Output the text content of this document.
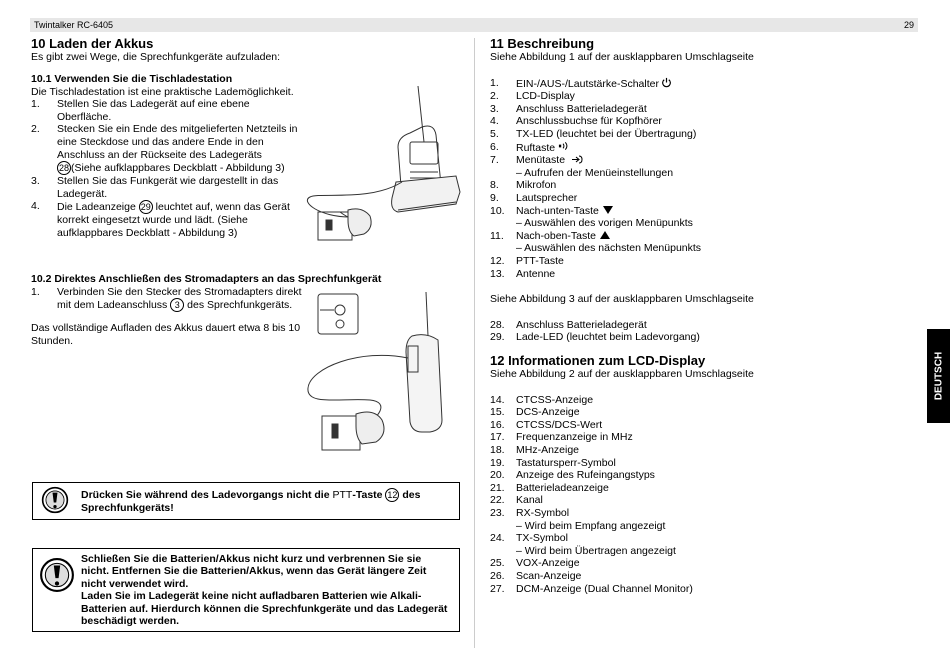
Twintalker RC-6405	29
DEUTSCH
10 Laden der Akkus
Es gibt zwei Wege, die Sprechfunkgeräte aufzuladen:
10.1 Verwenden Sie die Tischladestation
Die Tischladestation ist eine praktische Lademöglichkeit.
1. Stellen Sie das Ladegerät auf eine ebene
Oberfläche.
2. Stecken Sie ein Ende des mitgelieferten Netzteils in
eine Steckdose und das andere Ende in den
Anschluss an der Rückseite des Ladegeräts
28 (Siehe aufklappbares Deckblatt - Abbildung 3)
3. Stellen Sie das Funkgerät wie dargestellt in das
Ladegerät.
4. Die Ladeanzeige 29 leuchtet auf, wenn das Gerät
korrekt eingesetzt wurde und lädt. (Siehe
aufklappbares Deckblatt - Abbildung 3)
10.2 Direktes Anschließen des Stromadapters an das Sprechfunkgerät
1. Verbinden Sie den Stecker des Stromadapters direkt
mit dem Ladeanschluss 3 des Sprechfunkgeräts.
Das vollständige Aufladen des Akkus dauert etwa 8 bis 10
Stunden.
Drücken Sie während des Ladevorgangs nicht die PTT-Taste 12 des
Sprechfunkgeräts!
Schließen Sie die Batterien/Akkus nicht kurz und verbrennen Sie sie
nicht. Entfernen Sie die Batterien/Akkus, wenn das Gerät längere Zeit
nicht verwendet wird.
Laden Sie im Ladegerät keine nicht aufladbaren Batterien wie Alkali-
Batterien auf. Hierdurch können die Sprechfunkgeräte und das Ladegerät
beschädigt werden.
11 Beschreibung
Siehe Abbildung 1 auf der ausklappbaren Umschlagseite
1. EIN-/AUS-/Lautstärke-Schalter
2. LCD-Display
3. Anschluss Batterieladegerät
4. Anschlussbuchse für Kopfhörer
5. TX-LED (leuchtet bei der Übertragung)
6. Ruftaste
7. Menütaste
– Aufrufen der Menüeinstellungen
8. Mikrofon
9. Lautsprecher
10. Nach-unten-Taste
– Auswählen des vorigen Menüpunkts
11. Nach-oben-Taste
– Auswählen des nächsten Menüpunkts
12. PTT-Taste
13. Antenne
Siehe Abbildung 3 auf der ausklappbaren Umschlagseite
28. Anschluss Batterieladegerät
29. Lade-LED (leuchtet beim Ladevorgang)
12 Informationen zum LCD-Display
Siehe Abbildung 2 auf der ausklappbaren Umschlagseite
14. CTCSS-Anzeige
15. DCS-Anzeige
16. CTCSS/DCS-Wert
17. Frequenzanzeige in MHz
18. MHz-Anzeige
19. Tastatursperr-Symbol
20. Anzeige des Rufeingangstyps
21. Batterieladeanzeige
22. Kanal
23. RX-Symbol
– Wird beim Empfang angezeigt
24. TX-Symbol
– Wird beim Übertragen angezeigt
25. VOX-Anzeige
26. Scan-Anzeige
27. DCM-Anzeige (Dual Channel Monitor)
